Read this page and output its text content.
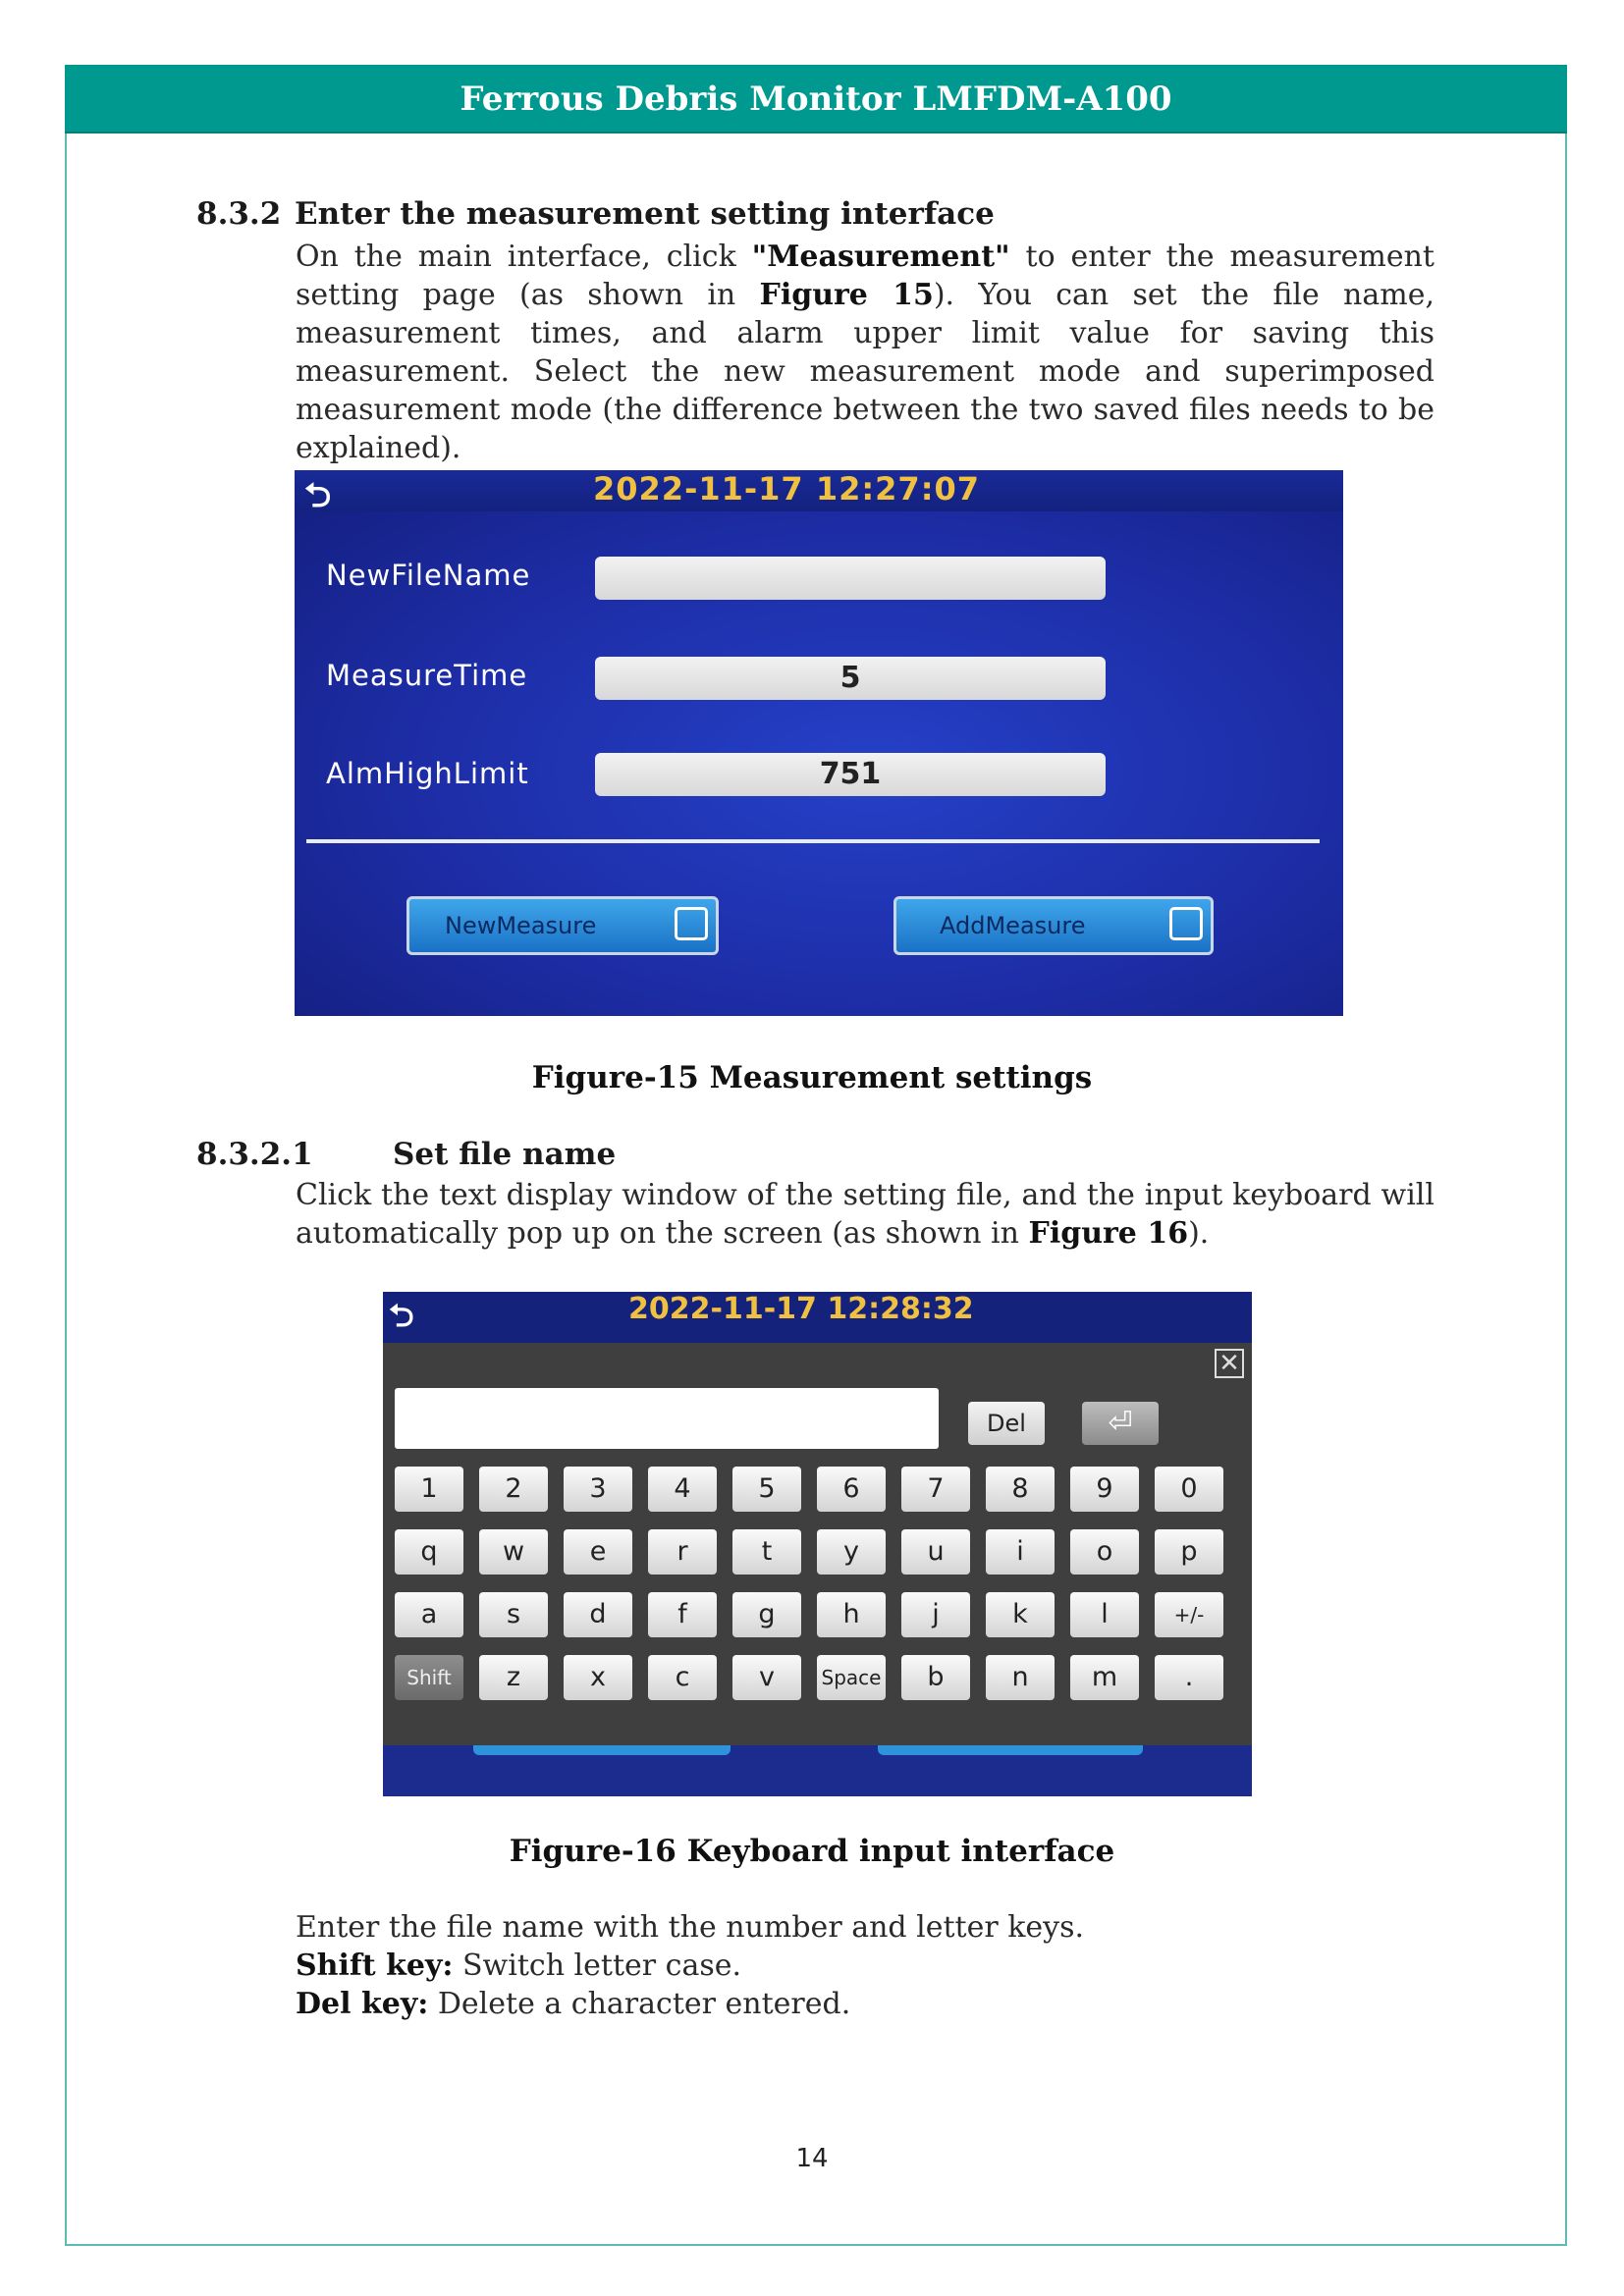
Ferrous Debris Monitor LMFDM-A100
8.3.2 Enter the measurement setting interface
On the main interface, click "Measurement" to enter the measurement setting page (as shown in Figure 15). You can set the file name, measurement times, and alarm upper limit value for saving this measurement. Select the new measurement mode and superimposed measurement mode (the difference between the two saved files needs to be explained).
⮌	2022-11-17 12:27:07
NewFileName
MeasureTime	5
AlmHighLimit	751
NewMeasure	AddMeasure
Figure-15 Measurement settings
8.3.2.1	Set file name
Click the text display window of the setting file, and the input keyboard will automatically pop up on the screen (as shown in Figure 16).
⮌	2022-11-17 12:28:32
✕
Del	⏎
1	2	3	4	5	6	7	8	9	0
q	w	e	r	t	y	u	i	o	p
a	s	d	f	g	h	j	k	l	+/-
Shift	z	x	c	v	Space	b	n	m	.
Figure-16 Keyboard input interface
Enter the file name with the number and letter keys.
Shift key: Switch letter case.
Del key: Delete a character entered.
14
